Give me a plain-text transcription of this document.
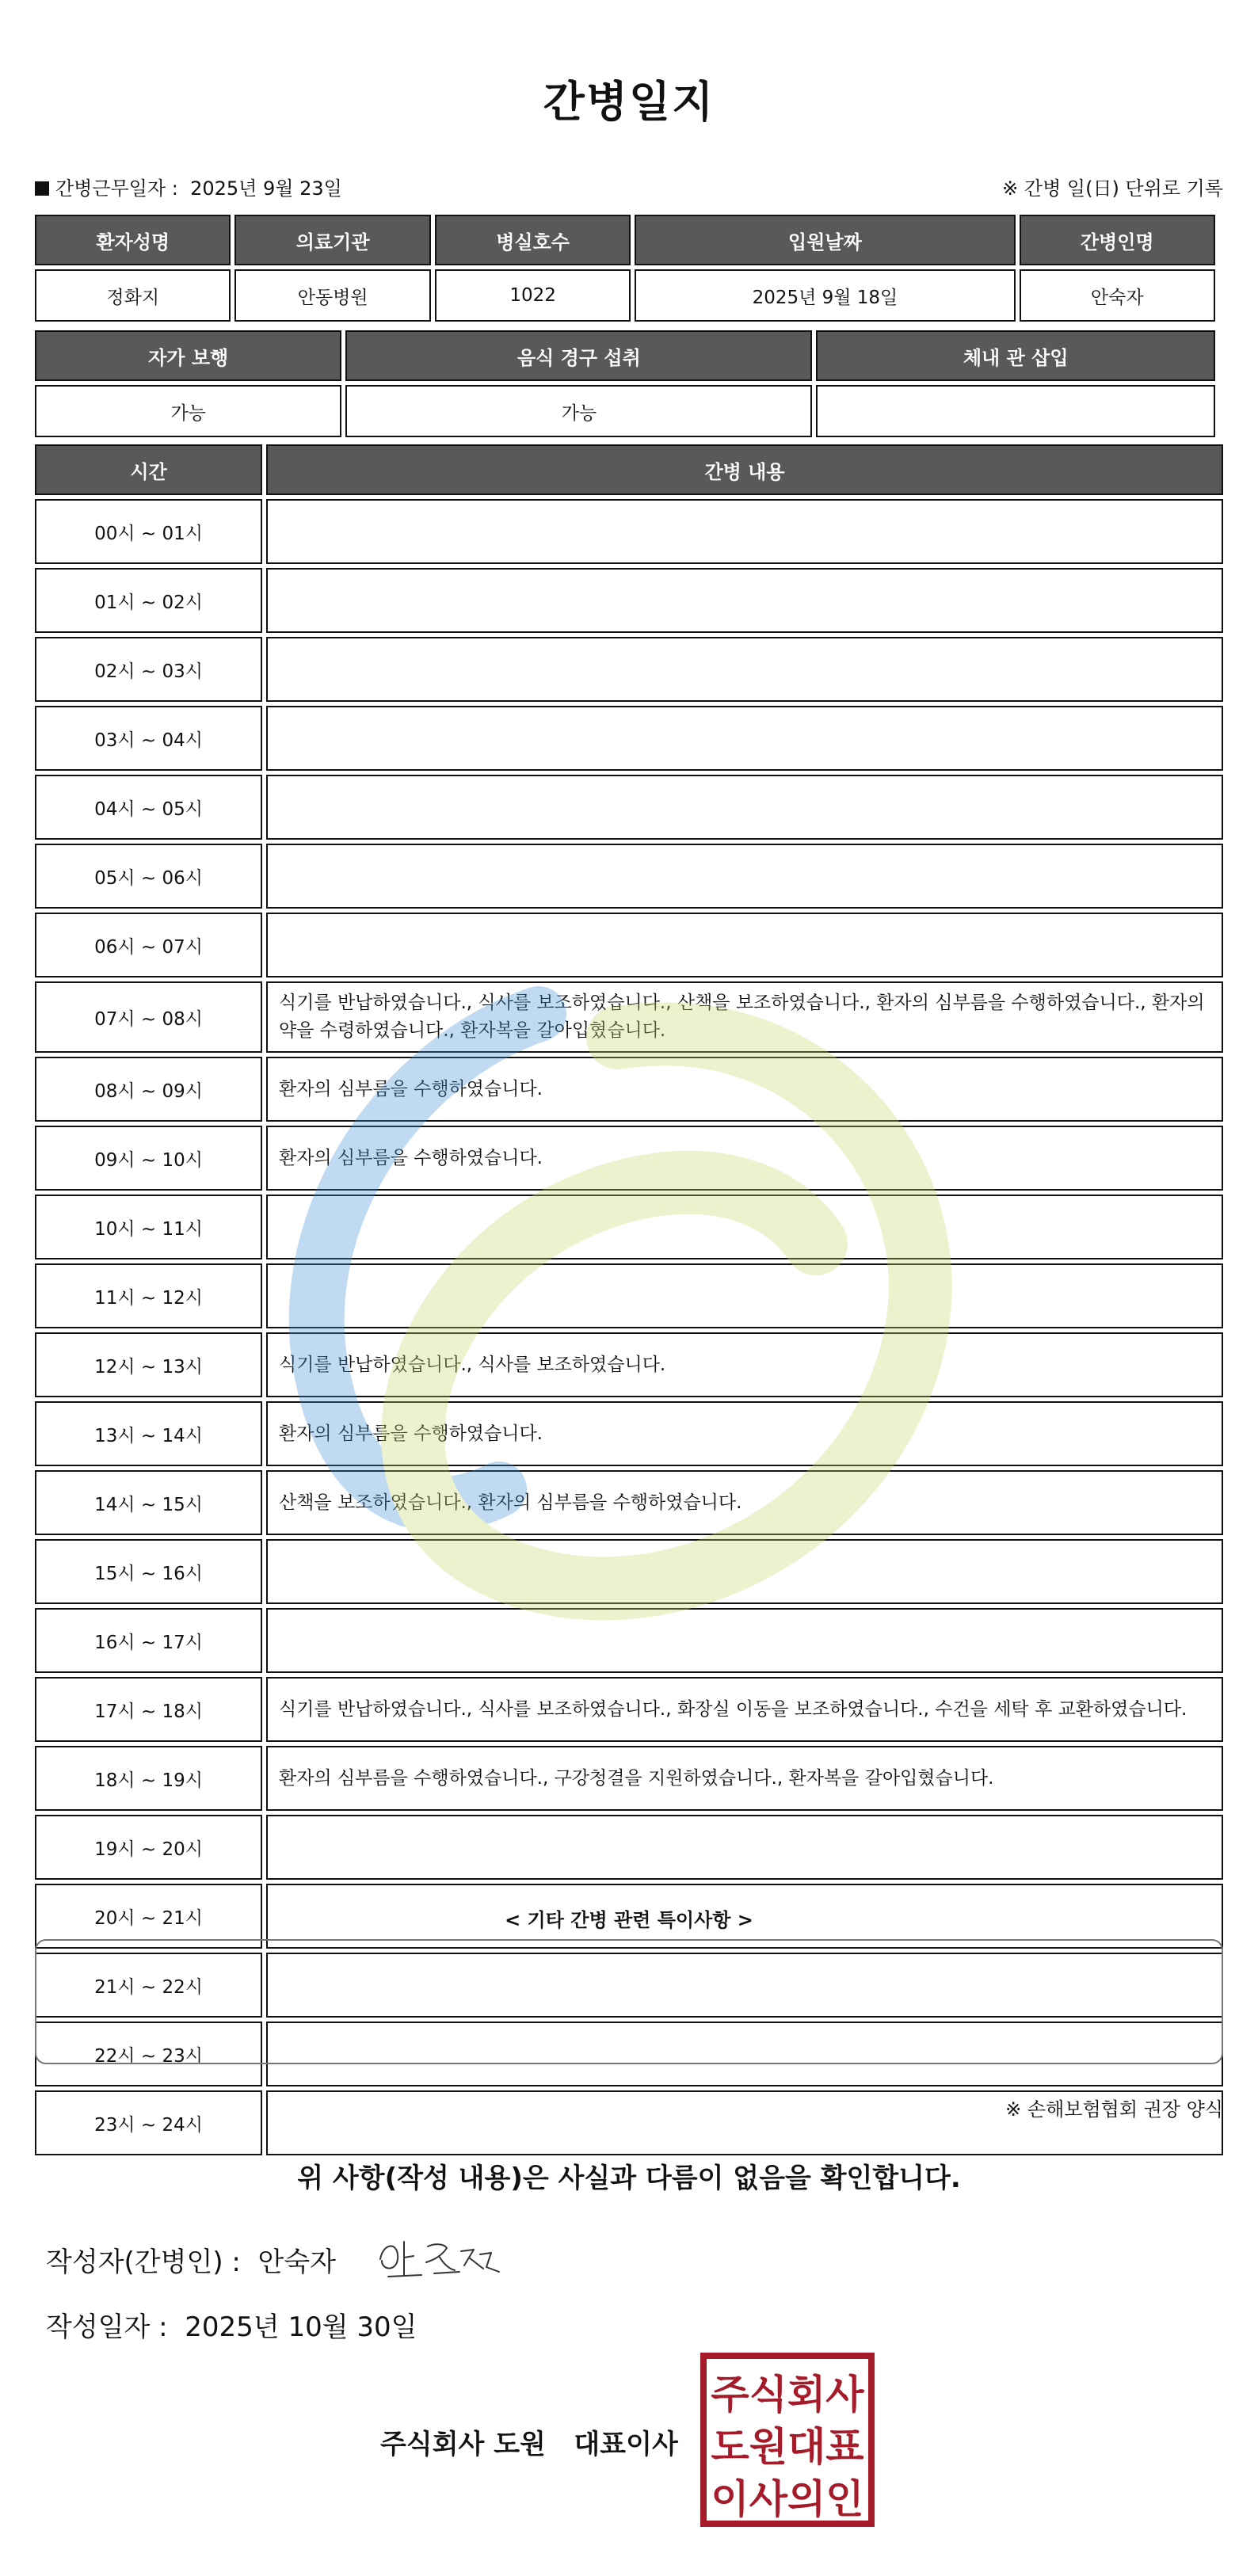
간병일지
간병근무일자 : 2025년 9월 23일	※ 간병 일(日) 단위로 기록
환자성명	의료기관	병실호수	입원날짜	간병인명
정화지	안동병원	1022	2025년 9월 18일	안숙자
자가 보행	음식 경구 섭취	체내 관 삽입
가능	가능	
시간	간병 내용
00시 ~ 01시	
01시 ~ 02시	
02시 ~ 03시	
03시 ~ 04시	
04시 ~ 05시	
05시 ~ 06시	
06시 ~ 07시	
07시 ~ 08시	식기를 반납하였습니다., 식사를 보조하였습니다., 산책을 보조하였습니다., 환자의 심부름을 수행하였습니다., 환자의 약을 수령하였습니다., 환자복을 갈아입혔습니다.
08시 ~ 09시	환자의 심부름을 수행하였습니다.
09시 ~ 10시	환자의 심부름을 수행하였습니다.
10시 ~ 11시	
11시 ~ 12시	
12시 ~ 13시	식기를 반납하였습니다., 식사를 보조하였습니다.
13시 ~ 14시	환자의 심부름을 수행하였습니다.
14시 ~ 15시	산책을 보조하였습니다., 환자의 심부름을 수행하였습니다.
15시 ~ 16시	
16시 ~ 17시	
17시 ~ 18시	식기를 반납하였습니다., 식사를 보조하였습니다., 화장실 이동을 보조하였습니다., 수건을 세탁 후 교환하였습니다.
18시 ~ 19시	환자의 심부름을 수행하였습니다., 구강청결을 지원하였습니다., 환자복을 갈아입혔습니다.
19시 ~ 20시	
20시 ~ 21시	
21시 ~ 22시	
22시 ~ 23시	
23시 ~ 24시	
< 기타 간병 관련 특이사항 >
※ 손해보험협회 권장 양식
위 사항(작성 내용)은 사실과 다름이 없음을 확인합니다.
작성자(간병인) : 안숙자
작성일자 : 2025년 10월 30일
주식회사 도원   대표이사
주식회사
도원대표
이사의인
